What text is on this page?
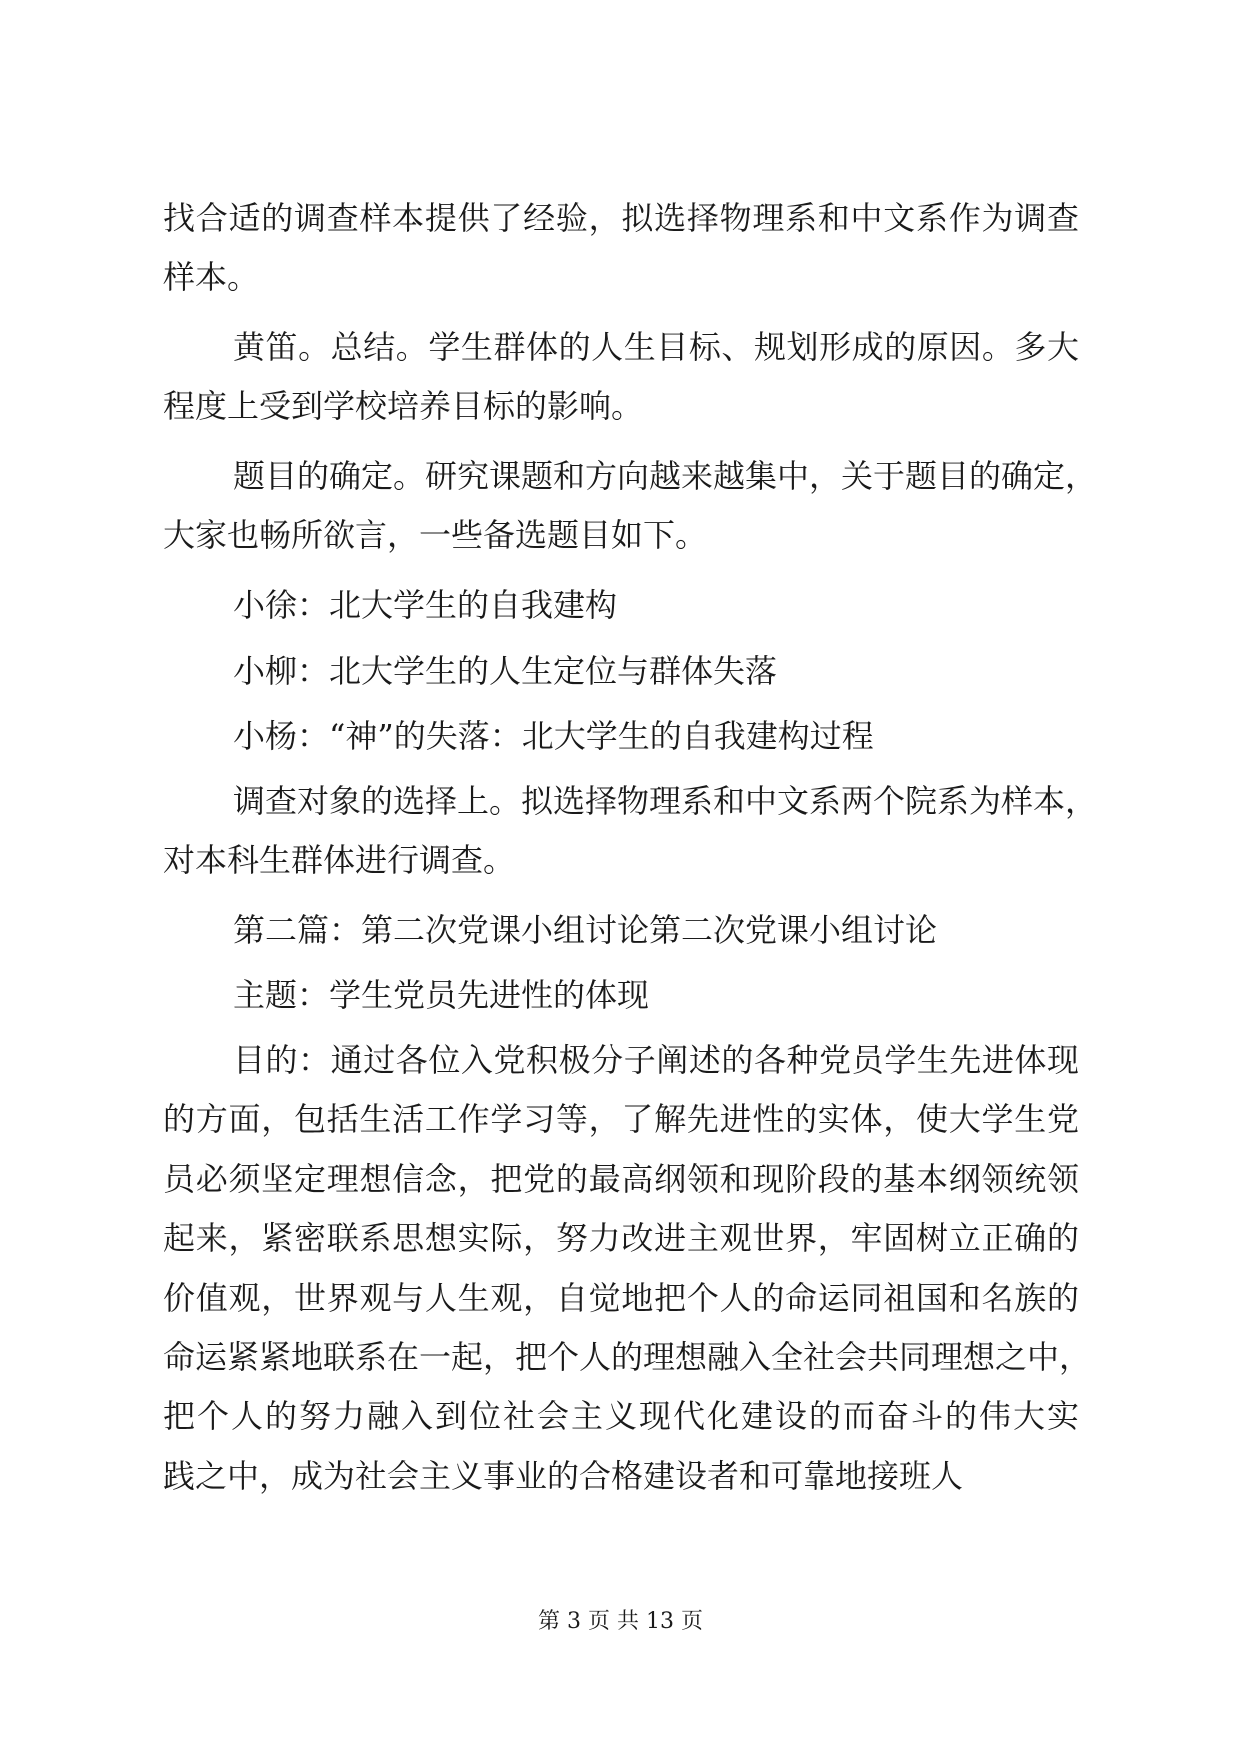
找合适的调查样本提供了经验，拟选择物理系和中文系作为调查
样本。
黄笛。总结。学生群体的人生目标、规划形成的原因。多大
程度上受到学校培养目标的影响。
题目的确定。研究课题和方向越来越集中，关于题目的确定，
大家也畅所欲言，一些备选题目如下。
小徐：北大学生的自我建构
小柳：北大学生的人生定位与群体失落
小杨：“神”的失落：北大学生的自我建构过程
调查对象的选择上。拟选择物理系和中文系两个院系为样本，
对本科生群体进行调查。
第二篇：第二次党课小组讨论第二次党课小组讨论
主题：学生党员先进性的体现
目的：通过各位入党积极分子阐述的各种党员学生先进体现
的方面，包括生活工作学习等，了解先进性的实体，使大学生党
员必须坚定理想信念，把党的最高纲领和现阶段的基本纲领统领
起来，紧密联系思想实际，努力改进主观世界，牢固树立正确的
价值观，世界观与人生观，自觉地把个人的命运同祖国和名族的
命运紧紧地联系在一起，把个人的理想融入全社会共同理想之中，
把个人的努力融入到位社会主义现代化建设的而奋斗的伟大实
践之中，成为社会主义事业的合格建设者和可靠地接班人
第 3 页 共 13 页
